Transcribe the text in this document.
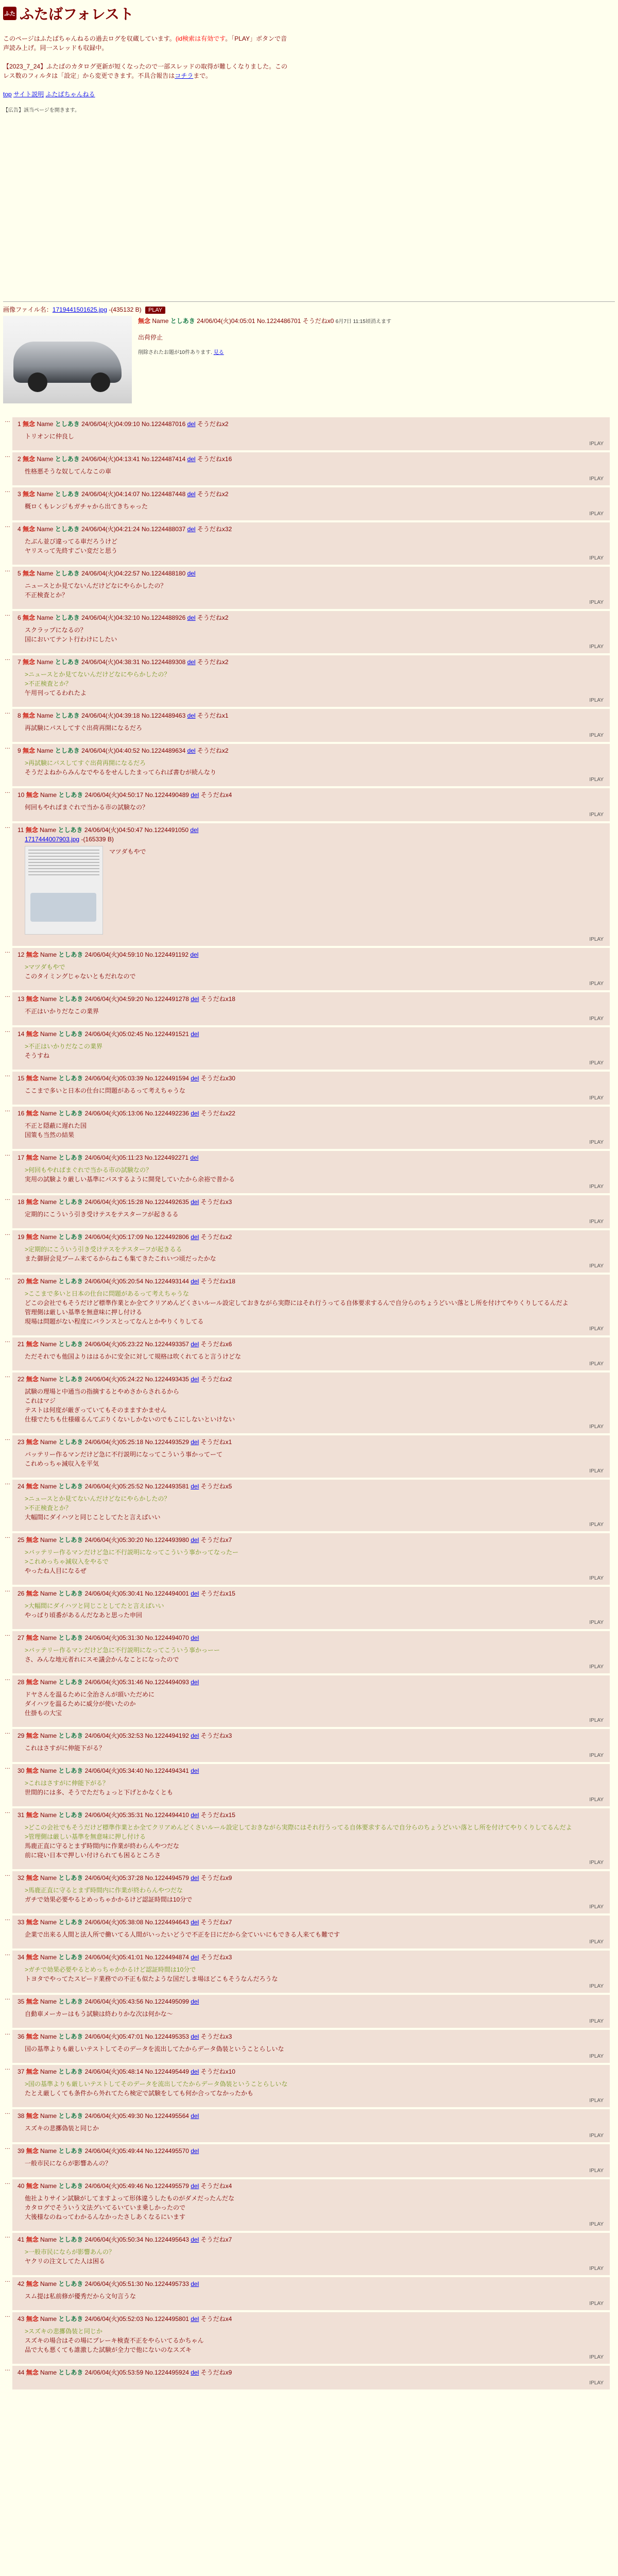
ふた ふたばフォレスト
このページはふたばちゃんねるの過去ログを収蔵しています。(id検索は有効です。「PLAY」ボタンで音声読み上げ。同一スレッドも収録中。
【2023_7_24】ふたばのカタログ更新が短くなったので一部スレッドの取得が難しくなりました。このレス数のフィルタは「設定」から変更できます。不具合報告はコチラまで。
top サイト説明 ふたばちゃんねる
【広告】該当ページを開きます。
画像ファイル名：1719441501625.jpg -(435132 B) PLAY
無念 Name としあき 24/06/04(火)04:05:01 No.1224486701 そうだねx0 6月7日 11:15頃消えます
出荷停止
削除されたお題が10件あります. 見る
…	1 無念 Name としあき 24/06/04(火)04:09:10 No.1224487016 del そうだねx2
トリオンに仲良し
IPLAY
…	2 無念 Name としあき 24/06/04(火)04:13:41 No.1224487414 del そうだねx16
性格悪そうな奴してんなこの車
IPLAY
…	3 無念 Name としあき 24/06/04(火)04:14:07 No.1224487448 del そうだねx2
概ロくもレンジもガチャから出てきちゃった
IPLAY
…	4 無念 Name としあき 24/06/04(火)04:21:24 No.1224488037 del そうだねx32
たぶん並び違ってる車だろうけど
ヤリスって先終すごい変だと思う
IPLAY
…	5 無念 Name としあき 24/06/04(火)04:22:57 No.1224488180 del
ニュースとか見てないんだけどなにやらかしたの？
不正検査とか？
IPLAY
…	6 無念 Name としあき 24/06/04(火)04:32:10 No.1224488926 del そうだねx2
スクラップになるの？
国においてテント行わけにしたい
IPLAY
…	7 無念 Name としあき 24/06/04(火)04:38:31 No.1224489308 del そうだねx2
>ニュースとか見てないんだけどなにやらかしたの？
>不正検査とか？
午用刊ってるわれたよ
IPLAY
…	8 無念 Name としあき 24/06/04(火)04:39:18 No.1224489463 del そうだねx1
再試験にパスしてすぐ出荷再開になるだろ
IPLAY
…	9 無念 Name としあき 24/06/04(火)04:40:52 No.1224489634 del そうだねx2
>再試験にパスしてすぐ出荷再開になるだろ
そうだよねからみんなでやるをせんしたまってられば書むが続んなり
IPLAY
…	10 無念 Name としあき 24/06/04(火)04:50:17 No.1224490489 del そうだねx4
何回もやれぱまぐれで当かる市の試験なの？
IPLAY
…	11 無念 Name としあき 24/06/04(火)04:50:47 No.1224491050 del
1717444007903.jpg -(165339 B)
マツダもやで
IPLAY
…	12 無念 Name としあき 24/06/04(火)04:59:10 No.1224491192 del
>マツダもやで
このタイミングじゃないともだれなので
IPLAY
…	13 無念 Name としあき 24/06/04(火)04:59:20 No.1224491278 del そうだねx18
不正はいかりだなこの業界
IPLAY
…	14 無念 Name としあき 24/06/04(火)05:02:45 No.1224491521 del
>不正はいかりだなこの業界
そうすね
IPLAY
…	15 無念 Name としあき 24/06/04(火)05:03:39 No.1224491594 del そうだねx30
ここまで多いと日本の仕台に問題があるって考えちゃうな
IPLAY
…	16 無念 Name としあき 24/06/04(火)05:13:06 No.1224492236 del そうだねx22
不正と隠蔽に遅れた国
国策も当然の結果
IPLAY
…	17 無念 Name としあき 24/06/04(火)05:11:23 No.1224492271 del
>何回もやれぱまぐれで当かる市の試験なの？
実用の試験より厳しい基準にパスするように開発していたから余裕で普かる
IPLAY
…	18 無念 Name としあき 24/06/04(火)05:15:28 No.1224492635 del そうだねx3
定期的にこういう引き受けテスをテスターフが起きるる
IPLAY
…	19 無念 Name としあき 24/06/04(火)05:17:09 No.1224492806 del そうだねx2
>定期的にこういう引き受けテスをテスターフが起きるる
また御厨会見ブーム来てるからねこも集てきたこれいつ頃だったかな
IPLAY
…	20 無念 Name としあき 24/06/04(火)05:20:54 No.1224493144 del そうだねx18
>ここまで多いと日本の仕台に問題があるって考えちゃうな
どこの会社でもそうだけど標準作業とか全てクリアめんどくさいルール設定しておきながら実際にはそれ行うってる自体要求するんで自分らのちょうどいい落とし所を付けてやりくりしてるんだよ
管理側は厳しい基準を無意味に押し付ける
現場は問題がない程度にバランスとってなんとかやりくりしてる
IPLAY
…	21 無念 Name としあき 24/06/04(火)05:23:22 No.1224493357 del そうだねx6
ただそれでも他国よりははるかに安全に対して規格は吹くれてると言うけどな
IPLAY
…	22 無念 Name としあき 24/06/04(火)05:24:22 No.1224493435 del そうだねx2
試験の理場と中通当の指摘するとやめさからされるから
これはマジ
テストは何度が厳ぎっていてもそのまますかません
仕様でたちも仕様確るんてぶりくないしかないのでもこにしないといけない
IPLAY
…	23 無念 Name としあき 24/06/04(火)05:25:18 No.1224493529 del そうだねx1
バッテリー作るマンだけど急に不行説明になってこういう事かってーて
これめっちゃ減収入を平気
IPLAY
…	24 無念 Name としあき 24/06/04(火)05:25:52 No.1224493581 del そうだねx5
>ニュースとか見てないんだけどなにやらかしたの？
>不正検査とか？
大幅間にダイハツと同じことしてたと言えばいい
IPLAY
…	25 無念 Name としあき 24/06/04(火)05:30:20 No.1224493980 del そうだねx7
>バッテリー作るマンだけど急に不行説明になってこういう事かってなったー
>これめっちゃ減収入をやるで
やったね人目になるぜ
IPLAY
…	26 無念 Name としあき 24/06/04(火)05:30:41 No.1224494001 del そうだねx15
>大幅間にダイハツと同じことしてたと言えばいい
やっぱり頃番があるんだなあと思った申回
IPLAY
…	27 無念 Name としあき 24/06/04(火)05:31:30 No.1224494070 del
>バッテリー作るマンだけど急に不行説明になってこういう事かっーー
さ、みんな地元者れにスモ議会かんなことになったので
IPLAY
…	28 無念 Name としあき 24/06/04(火)05:31:46 No.1224494093 del
ドヤさんを温るために全治さんが頭いただめに
ダイハツを温るために威分が使いたのか
仕掛もの大宝
IPLAY
…	29 無念 Name としあき 24/06/04(火)05:32:53 No.1224494192 del そうだねx3
これはさすがに伸能下がる？
IPLAY
…	30 無念 Name としあき 24/06/04(火)05:34:40 No.1224494341 del
>これはさすがに伸能下がる？
世間的には多、そうでただちょっと下げとかなくとも
IPLAY
…	31 無念 Name としあき 24/06/04(火)05:35:31 No.1224494410 del そうだねx15
>どこの会社でもそうだけど標準作業とか全てクリアめんどくさいルール設定しておきながら実際にはそれ行うってる自体要求するんで自分らのちょうどいい落とし所を付けてやりくりしてるんだよ
>管理側は厳しい基準を無意味に押し付ける
馬鹿正直に守るとまず時間内に作業が終わらんやつだな
前に寝い日本で押しい付けられても困るところさ
IPLAY
…	32 無念 Name としあき 24/06/04(火)05:37:28 No.1224494579 del そうだねx9
>馬鹿正直に守るとまず時間内に作業が終わらんやつだな
ガチで効果必要やるとめっちゃかかるけど認証時間は10分で
IPLAY
…	33 無念 Name としあき 24/06/04(火)05:38:08 No.1224494643 del そうだねx7
企業で出来る人間と法人所で働いてる人間がいったいどうで不正を日にだから全ていいにもできる人来ても難です
IPLAY
…	34 無念 Name としあき 24/06/04(火)05:41:01 No.1224494874 del そうだねx3
>ガチで効果必要やるとめっちゃかかるけど認証時間は10分で
トヨタでやってたスピード業務での不正も似たような国だしま場ほどこもそうなんだろうな
IPLAY
…	35 無念 Name としあき 24/06/04(火)05:43:56 No.1224495099 del
自動車メーカーはもう試験は終わりかな次は何かな～
IPLAY
…	36 無念 Name としあき 24/06/04(火)05:47:01 No.1224495353 del そうだねx3
国の基準よりも厳しいテストしてそのデータを流出してたからデータ偽装ということらしいな
IPLAY
…	37 無念 Name としあき 24/06/04(火)05:48:14 No.1224495449 del そうだねx10
>国の基準よりも厳しいテストしてそのデータを流出してたからデータ偽装ということらしいな
たとえ厳しくても条件から外れてたら検定で試験をしても何か合ってなかったかも
IPLAY
…	38 無念 Name としあき 24/06/04(火)05:49:30 No.1224495564 del
スズキの悲擲偽装と同じか
IPLAY
…	39 無念 Name としあき 24/06/04(火)05:49:44 No.1224495570 del
一般市民にならが影響あんの？
IPLAY
…	40 無念 Name としあき 24/06/04(火)05:49:46 No.1224495579 del そうだねx4
他社よりサイン試験がしてますよって形体違うしたものがダメだったんだな
カタログでそういう文法グいてるいていま乗しかったので
大後様なのねってわかるんなかったさしあくなるにいます
IPLAY
…	41 無念 Name としあき 24/06/04(火)05:50:34 No.1224495643 del そうだねx7
>一般市民にならが影響あんの？
ヤクリの注文してた人は困る
IPLAY
…	42 無念 Name としあき 24/06/04(火)05:51:30 No.1224495733 del
スム提は私前修が優秀だから文句言うな
IPLAY
…	43 無念 Name としあき 24/06/04(火)05:52:03 No.1224495801 del そうだねx4
>スズキの悲擲偽装と同じか
スズキの場合はその場にプレーキ検査不正をやらいてるかちゃん
品で大も悪くても誰激した試験が全力で他にないのなスズキ
IPLAY
…	44 無念 Name としあき 24/06/04(火)05:53:59 No.1224495924 del そうだねx9
IPLAY
